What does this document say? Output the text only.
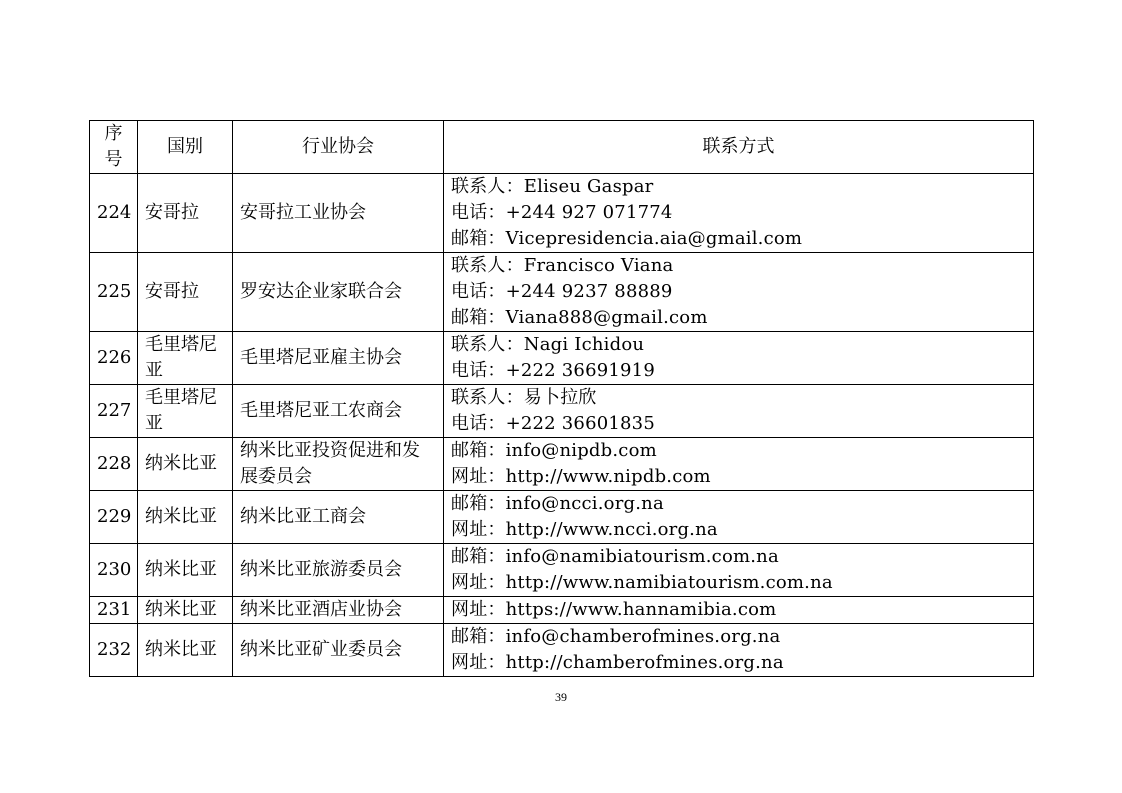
序
号	国别	行业协会	联系方式
224	安哥拉	安哥拉工业协会	联系人：Eliseu Gaspar
电话：+244 927 071774
邮箱：Vicepresidencia.aia@gmail.com

225	安哥拉	罗安达企业家联合会	联系人：Francisco Viana
电话：+244 9237 88889
邮箱：Viana888@gmail.com

226	毛里塔尼亚	毛里塔尼亚雇主协会	联系人：Nagi Ichidou
电话：+222 36691919

227	毛里塔尼亚	毛里塔尼亚工农商会	联系人：易卜拉欣
电话：+222 36601835

228	纳米比亚	纳米比亚投资促进和发展委员会	邮箱：info@nipdb.com
网址：http://www.nipdb.com

229	纳米比亚	纳米比亚工商会	邮箱：info@ncci.org.na
网址：http://www.ncci.org.na

230	纳米比亚	纳米比亚旅游委员会	邮箱：info@namibiatourism.com.na
网址：http://www.namibiatourism.com.na

231	纳米比亚	纳米比亚酒店业协会	网址：https://www.hannamibia.com

232	纳米比亚	纳米比亚矿业委员会	邮箱：info@chamberofmines.org.na
网址：http://chamberofmines.org.na
39
